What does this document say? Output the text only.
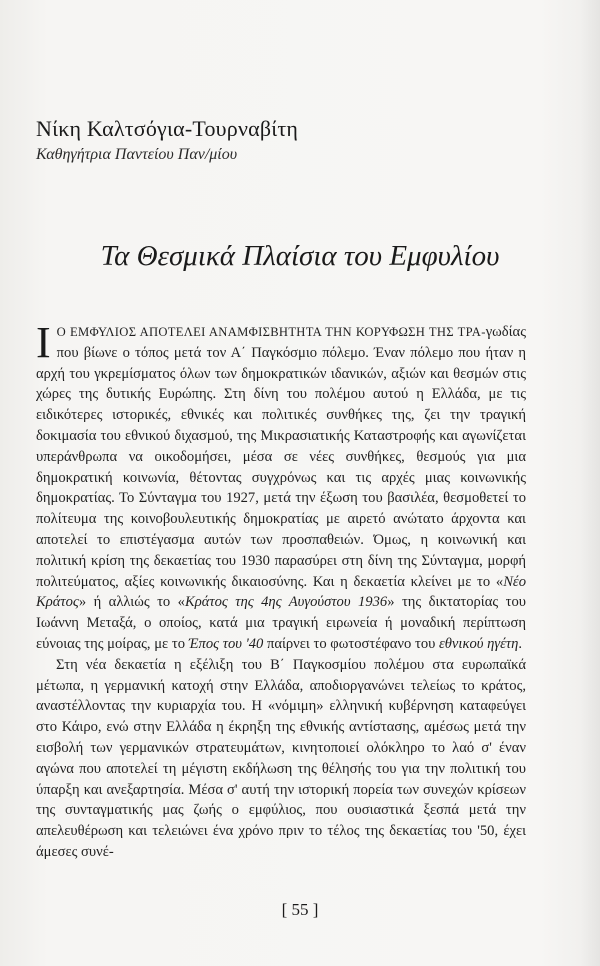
Νίκη Καλτσόγια-Τουρναβίτη
Καθηγήτρια Παντείου Παν/μίου
Τα Θεσμικά Πλαίσια του Εμφυλίου

Ι Ο ΕΜΦΥΛΙΟΣ ΑΠΟΤΕΛΕΙ ΑΝΑΜΦΙΣΒΗΤΗΤΑ ΤΗΝ ΚΟΡΥΦΩΣΗ ΤΗΣ ΤΡΑ-γωδίας που βίωνε ο τόπος μετά τον Α΄ Παγκόσμιο πόλεμο. Έναν πόλεμο που ήταν η αρχή του γκρεμίσματος όλων των δημοκρατικών ιδανικών, αξιών και θεσμών στις χώρες της δυτικής Ευρώπης. Στη δίνη του πολέμου αυτού η Ελλάδα, με τις ειδικότερες ιστορικές, εθνικές και πολιτικές συνθήκες της, ζει την τραγική δοκιμασία του εθνικού διχασμού, της Μικρασιατικής Καταστροφής και αγωνίζεται υπεράνθρωπα να οικοδομήσει, μέσα σε νέες συνθήκες, θεσμούς για μια δημοκρατική κοινωνία, θέτοντας συγχρόνως και τις αρχές μιας κοινωνικής δημοκρατίας. Το Σύνταγμα του 1927, μετά την έξωση του βασιλέα, θεσμοθετεί το πολίτευμα της κοινοβουλευτικής δημοκρατίας με αιρετό ανώτατο άρχοντα και αποτελεί το επιστέγασμα αυτών των προσπαθειών. Όμως, η κοινωνική και πολιτική κρίση της δεκαετίας του 1930 παρασύρει στη δίνη της Σύνταγμα, μορφή πολιτεύματος, αξίες κοινωνικής δικαιοσύνης. Και η δεκαετία κλείνει με το «Νέο Κράτος» ή αλλιώς το «Κράτος της 4ης Αυγούστου 1936» της δικτατορίας του Ιωάννη Μεταξά, ο οποίος, κατά μια τραγική ειρωνεία ή μοναδική περίπτωση εύνοιας της μοίρας, με το Έπος του '40 παίρνει το φωτοστέφανο του εθνικού ηγέτη.

Στη νέα δεκαετία η εξέλιξη του Β΄ Παγκοσμίου πολέμου στα ευρωπαϊκά μέτωπα, η γερμανική κατοχή στην Ελλάδα, αποδιοργανώνει τελείως το κράτος, αναστέλλοντας την κυριαρχία του. Η «νόμιμη» ελληνική κυβέρνηση καταφεύγει στο Κάιρο, ενώ στην Ελλάδα η έκρηξη της εθνικής αντίστασης, αμέσως μετά την εισβολή των γερμανικών στρατευμάτων, κινητοποιεί ολόκληρο το λαό σ' έναν αγώνα που αποτελεί τη μέγιστη εκδήλωση της θέλησής του για την πολιτική του ύπαρξη και ανεξαρτησία. Μέσα σ' αυτή την ιστορική πορεία των συνεχών κρίσεων της συνταγματικής μας ζωής ο εμφύλιος, που ουσιαστικά ξεσπά μετά την απελευθέρωση και τελειώνει ένα χρόνο πριν το τέλος της δεκαετίας του '50, έχει άμεσες συνέ-

[ 55 ]
